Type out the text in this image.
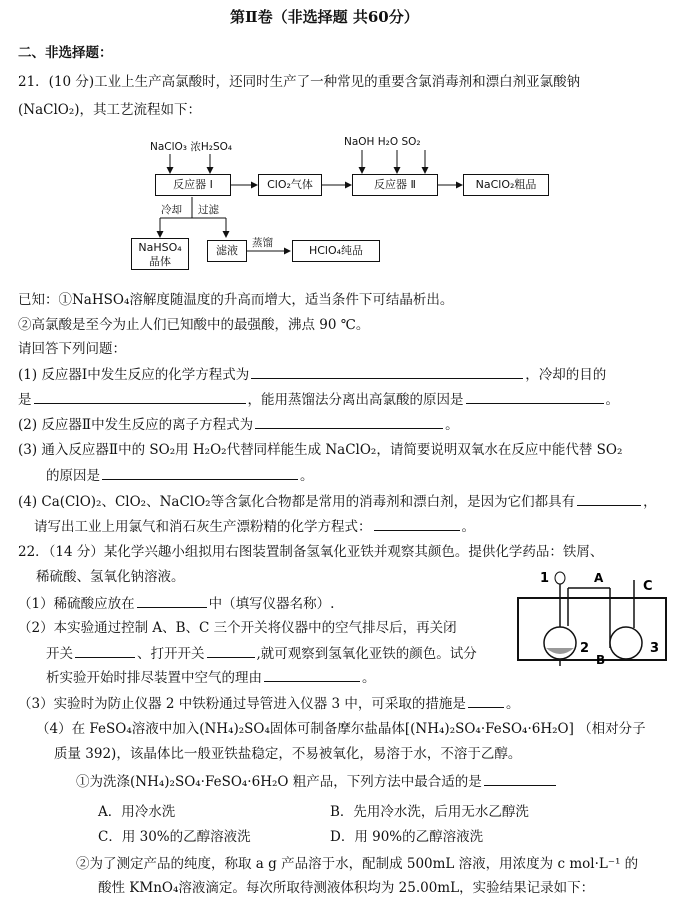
第Ⅱ卷（非选择题 共60分）
二、非选择题：
21．(10 分)工业上生产高氯酸时，还同时生产了一种常见的重要含氯消毒剂和漂白剂亚氯酸钠
(NaClO₂)，其工艺流程如下：
NaClO₃ 浓H₂SO₄
反应器 Ⅰ	ClO₂气体
NaOH H₂O SO₂
反应器 Ⅱ	NaClO₂粗品
冷却 过滤
NaHSO₄ 晶体
滤液
蒸馏
HClO₄纯品
已知：①NaHSO₄溶解度随温度的升高而增大，适当条件下可结晶析出。
②高氯酸是至今为止人们已知酸中的最强酸，沸点 90 ℃。
请回答下列问题：
(1) 反应器Ⅰ中发生反应的化学方程式为	，冷却的目的
是	，能用蒸馏法分离出高氯酸的原因是	。
(2) 反应器Ⅱ中发生反应的离子方程式为	。
(3) 通入反应器Ⅱ中的 SO₂用 H₂O₂代替同样能生成 NaClO₂，请简要说明双氧水在反应中能代替 SO₂
的原因是	。
(4) Ca(ClO)₂、ClO₂、NaClO₂等含氯化合物都是常用的消毒剂和漂白剂，是因为它们都具有	，
请写出工业上用氯气和消石灰生产漂粉精的化学方程式：	。
22．（14 分）某化学兴趣小组拟用右图装置制备氢氧化亚铁并观察其颜色。提供化学药品：铁屑、
稀硫酸、氢氧化钠溶液。
（1）稀硫酸应放在	中（填写仪器名称）.
（2）本实验通过控制 A、B、C 三个开关将仪器中的空气排尽后，再关闭
开关	、打开开关	,就可观察到氢氧化亚铁的颜色。试分
析实验开始时排尽装置中空气的理由	。
1	A
C
2	3
B
（3）实验时为防止仪器 2 中铁粉通过导管进入仪器 3 中，可采取的措施是	。
（4）在 FeSO₄溶液中加入(NH₄)₂SO₄固体可制备摩尔盐晶体[(NH₄)₂SO₄·FeSO₄·6H₂O] （相对分子
质量 392)，该晶体比一般亚铁盐稳定，不易被氧化，易溶于水，不溶于乙醇。
①为洗涤(NH₄)₂SO₄·FeSO₄·6H₂O 粗产品，下列方法中最合适的是
A．用冷水洗	B．先用冷水洗，后用无水乙醇洗
C．用 30%的乙醇溶液洗	D．用 90%的乙醇溶液洗
②为了测定产品的纯度，称取 a g 产品溶于水，配制成 500mL 溶液，用浓度为 c mol·L⁻¹ 的
酸性 KMnO₄溶液滴定。每次所取待测液体积均为 25.00mL，实验结果记录如下：
